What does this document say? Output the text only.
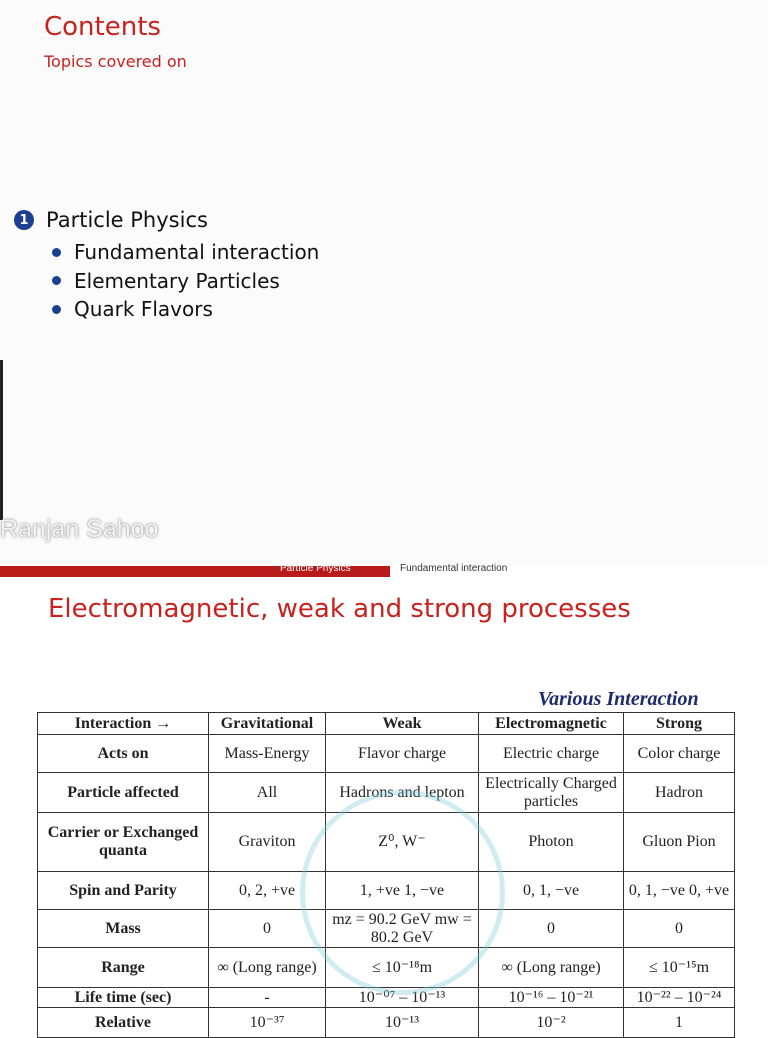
Contents
Topics covered on
1 Particle Physics
Fundamental interaction
Elementary Particles
Quark Flavors
Ranjan Sahoo
Particle Physics	Fundamental interaction
Electromagnetic, weak and strong processes
Various Interaction
Interaction →	Gravitational	Weak	Electromagnetic	Strong
Acts on	Mass-Energy	Flavor charge	Electric charge	Color charge
Particle affected	All	Hadrons and lepton	Electrically Charged particles	Hadron
Carrier or Exchanged quanta	Graviton	Z⁰, W⁻	Photon	Gluon Pion
Spin and Parity	0, 2, +ve	1, +ve 1, −ve	0, 1, −ve	0, 1, −ve 0, +ve
Mass	0	mz = 90.2 GeV mw = 80.2 GeV	0	0
Range	∞ (Long range)	≤ 10⁻¹⁸m	∞ (Long range)	≤ 10⁻¹⁵m
Life time (sec)	-	10⁻⁰⁷ – 10⁻¹³	10⁻¹⁶ – 10⁻²¹	10⁻²² – 10⁻²⁴
Relative	10⁻³⁷	10⁻¹³	10⁻²	1
